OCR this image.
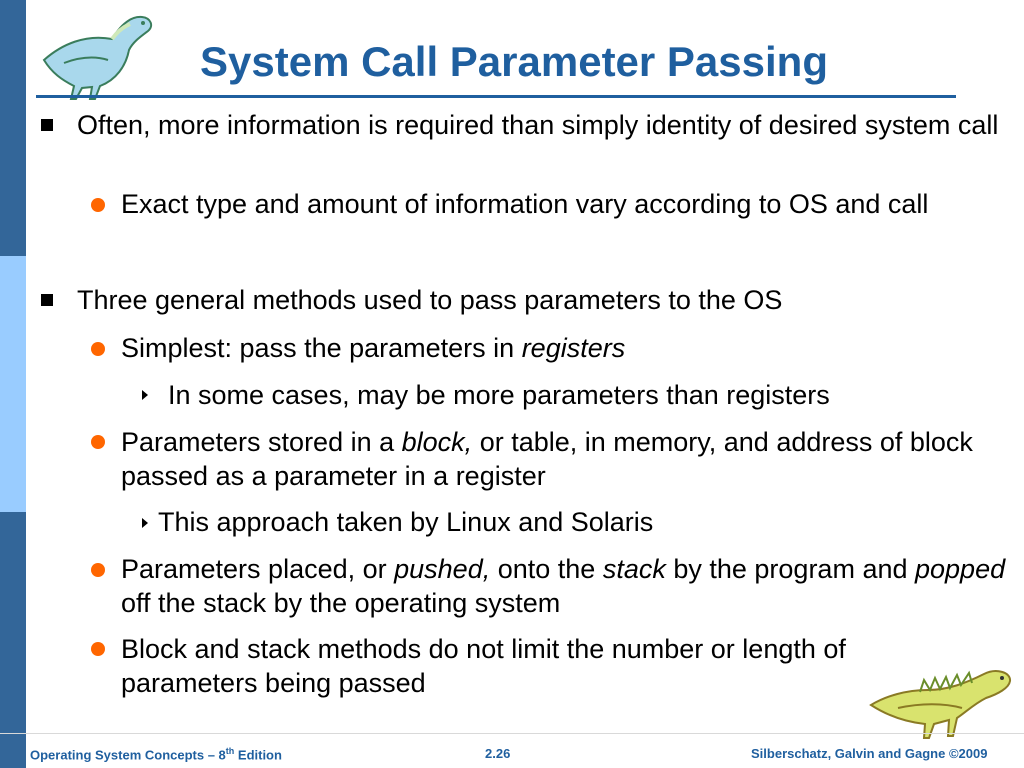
System Call Parameter Passing
Often, more information is required than simply identity of desired system call
Exact type and amount of information vary according to OS and call
Three general methods used to pass parameters to the OS
Simplest: pass the parameters in registers
In some cases, may be more parameters than registers
Parameters stored in a block, or table, in memory, and address of block passed as a parameter in a register
This approach taken by Linux and Solaris
Parameters placed, or pushed, onto the stack by the program and popped off the stack by the operating system
Block and stack methods do not limit the number or length of parameters being passed
Operating System Concepts – 8th Edition	2.26	Silberschatz, Galvin and Gagne ©2009
